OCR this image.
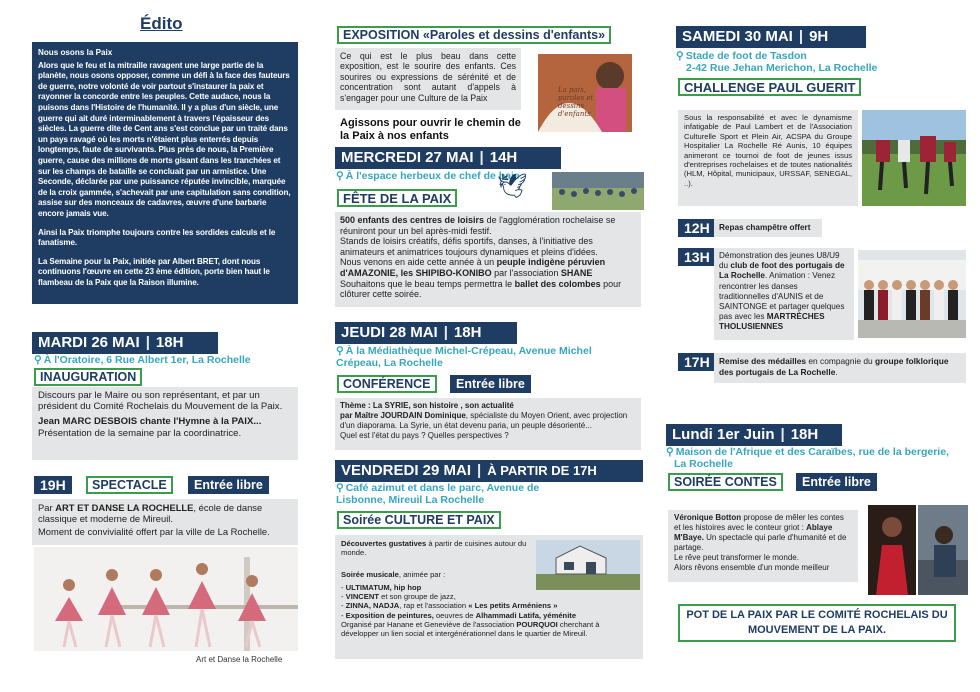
Édito

Nous osons la Paix

Alors que le feu et la mitraille ravagent une large partie de la planète, nous osons opposer, comme un défi à la face des fauteurs de guerre, notre volonté de voir partout s'instaurer la paix et rayonner la concorde entre les peuples. Cette audace, nous la puisons dans l'Histoire de l'humanité. Il y a plus d'un siècle, une guerre qui ait duré interminablement à travers l'épaisseur des siècles. La guerre dite de Cent ans s'est conclue par un traité dans un pays ravagé où les morts n'étaient plus enterrés depuis longtemps, faute de survivants. Plus près de nous, la Première guerre, cause des millions de morts gisant dans les tranchées et sur les champs de bataille se concluait par un armistice. Une Seconde, déclarée par une puissance réputée invincible, marquée de la croix gammée, s'achevait par une capitulation sans condition, assise sur des monceaux de cadavres, œuvre d'une barbarie encore jamais vue.

Ainsi la Paix triomphe toujours contre les sordides calculs et le fanatisme.

La Semaine pour la Paix, initiée par Albert BRET, dont nous continuons l'œuvre en cette 23 ème édition, porte bien haut le flambeau de la Paix que la Raison illumine.

MARDI 26 MAI | 18H
⚲ À l'Oratoire, 6 Rue Albert 1er, La Rochelle
INAUGURATION
Discours par le Maire ou son représentant, et par un président du Comité Rochelais du Mouvement de la Paix.
Jean MARC DESBOIS chante l'Hymne à la PAIX...
Présentation de la semaine par la coordinatrice.
19H	SPECTACLE	Entrée libre
Par ART ET DANSE LA ROCHELLE, école de danse classique et moderne de Mireuil.
Moment de convivialité offert par la ville de La Rochelle.
Art et Danse la Rochelle
EXPOSITION «Paroles et dessins d'enfants»
Ce qui est le plus beau dans cette exposition, est le sourire des enfants. Ces sourires ou expressions de sérénité et de concentration sont autant d'appels à s'engager pour une Culture de la Paix
La paix, paroles et dessins d'enfants
Agissons pour ouvrir le chemin de la Paix à nos enfants
MERCREDI 27 MAI | 14H
⚲ À l'espace herbeux de chef de baie.
FÊTE DE LA PAIX 🕊
500 enfants des centres de loisirs de l'agglomération rochelaise se réuniront pour un bel après-midi festif.
Stands de loisirs créatifs, défis sportifs, danses, à l'initiative des animateurs et animatrices toujours dynamiques et pleins d'idées.
Nous venons en aide cette année à un peuple indigène péruvien d'AMAZONIE, les SHIPIBO-KONIBO par l'association SHANE
Souhaitons que le beau temps permettra le ballet des colombes pour clôturer cette soirée.
JEUDI 28 MAI | 18H
⚲ À la Médiathèque Michel-Crépeau, Avenue Michel Crépeau, La Rochelle
CONFÉRENCE	Entrée libre
Thème : La SYRIE, son histoire , son actualité
par Maître JOURDAIN Dominique, spécialiste du Moyen Orient, avec projection d'un diaporama. La Syrie, un état devenu paria, un peuple désorienté...
Quel est l'état du pays ? Quelles perspectives ?
VENDREDI 29 MAI | À PARTIR DE 17H
⚲ Café azimut et dans le parc, Avenue de Lisbonne, Mireuil La Rochelle
Soirée CULTURE ET PAIX
Découvertes gustatives à partir de cuisines autour du monde.
Soirée musicale, animée par :
- ULTIMATUM, hip hop
- VINCENT et son groupe de jazz,
- ZINNA, NADJA, rap et l'association « Les petits Arméniens »
- Exposition de peintures, oeuvres de Alhammadi Latifa, yéménite
Organisé par Hanane et Geneviève de l'association POURQUOI cherchant à développer un lien social et intergénérationnel dans le quartier de Mireuil.
SAMEDI 30 MAI | 9H
⚲ Stade de foot de Tasdon
2-42 Rue Jehan Merichon, La Rochelle
CHALLENGE PAUL GUERIT
Sous la responsabilité et avec le dynamisme infatigable de Paul Lambert et de l'Association Culturelle Sport et Plein Air, ACSPA du Groupe Hospitalier La Rochelle Ré Aunis, 10 équipes animeront ce tournoi de foot de jeunes issus d'entreprises rochelaises et de toutes nationalités (HLM, Hôpital, municipaux, URSSAF, SENEGAL, ..).
12H	Repas champêtre offert
13H	Démonstration des jeunes U8/U9 du club de foot des portugais de La Rochelle. Animation : Venez rencontrer les danses traditionnelles d'AUNIS et de SAINTONGE et partager quelques pas avec les MARTRÈCHES THOLUSIENNES
17H	Remise des médailles en compagnie du groupe folklorique des portugais de La Rochelle.
Lundi 1er Juin | 18H
⚲ Maison de l'Afrique et des Caraïbes, rue de la bergerie,
La Rochelle
SOIRÉE CONTES	Entrée libre
Véronique Botton propose de mêler les contes et les histoires avec le conteur griot : Ablaye M'Baye. Un spectacle qui parle d'humanité et de partage.
Le rêve peut transformer le monde.
Alors rêvons ensemble d'un monde meilleur
POT DE LA PAIX PAR LE COMITÉ ROCHELAIS DU MOUVEMENT DE LA PAIX.
